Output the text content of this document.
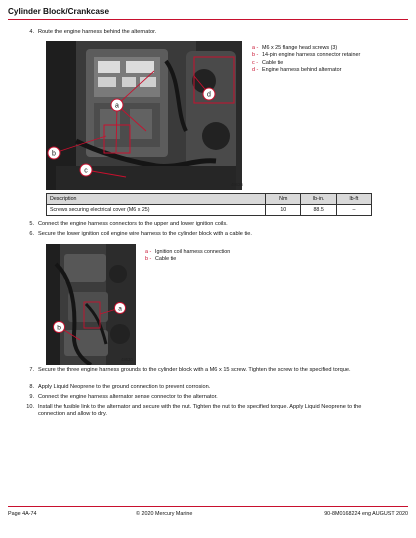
Cylinder Block/Crankcase
4. Route the engine harness behind the alternator.
a
b
c
d
48626
a - M6 x 25 flange head screws (3)
b - 14-pin engine harness connector retainer
c - Cable tie
d - Engine harness behind alternator
Description	Nm	lb-in.	lb-ft
Screws securing electrical cover (M6 x 25)	10	88.5	–
5. Connect the engine harness connectors to the upper and lower ignition coils.
6. Secure the lower ignition coil engine wire harness to the cylinder block with a cable tie.
a
b
48630
a - Ignition coil harness connection
b - Cable tie
7. Secure the three engine harness grounds to the cylinder block with a M6 x 15 screw. Tighten the screw to the specified torque.
8. Apply Liquid Neoprene to the ground connection to prevent corrosion.
9. Connect the engine harness alternator sense connector to the alternator.
10. Install the fusible link to the alternator and secure with the nut. Tighten the nut to the specified torque. Apply Liquid Neoprene to the connection and allow to dry.
Page 4A-74	© 2020 Mercury Marine	90-8M0168224 eng AUGUST 2020
